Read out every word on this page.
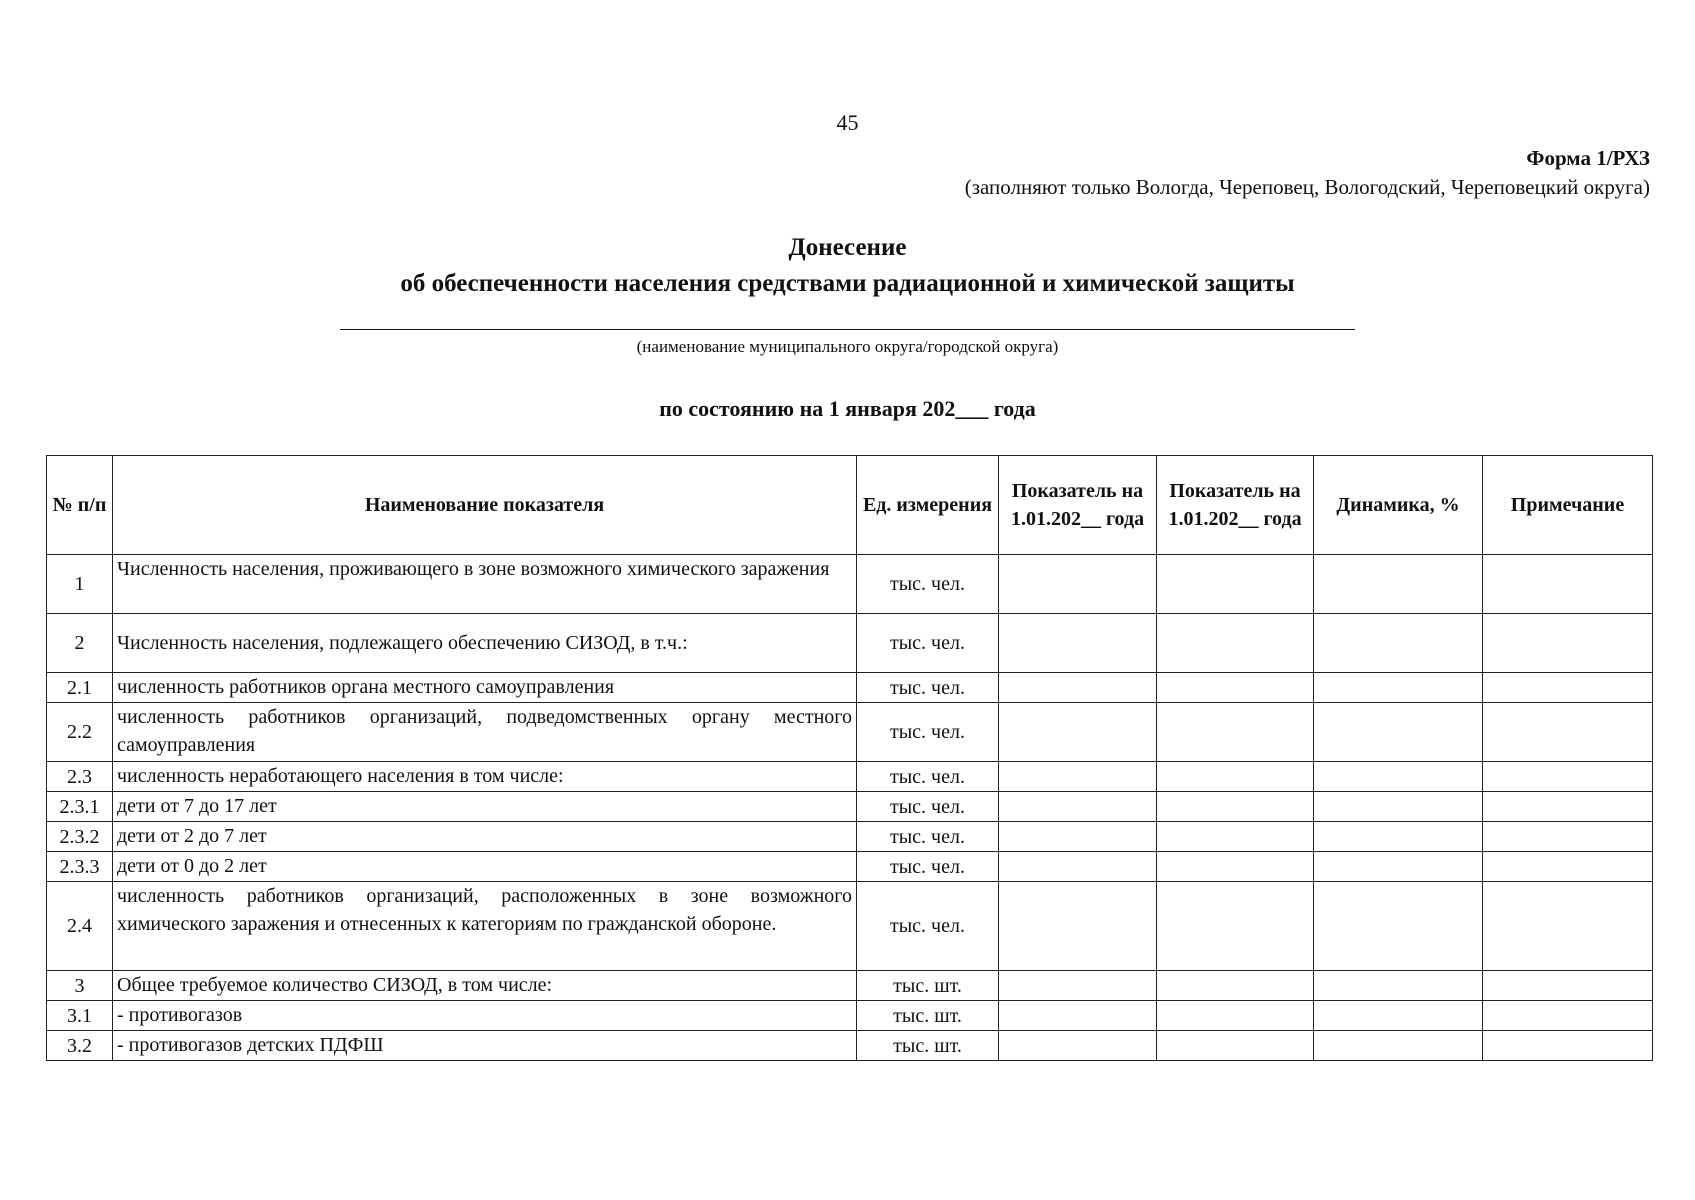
45
Форма 1/РХЗ
(заполняют только Вологда, Череповец, Вологодский, Череповецкий округа)
Донесение
об обеспеченности населения средствами радиационной и химической защиты
(наименование муниципального округа/городской округа)
по состоянию на 1 января 202___ года
№ п/п	Наименование показателя	Ед. измерения	Показатель на 1.01.202__ года	Показатель на 1.01.202__ года	Динамика, %	Примечание
1	Численность населения, проживающего в зоне возможного химического заражения	тыс. чел.				
2	Численность населения, подлежащего обеспечению СИЗОД, в т.ч.:	тыс. чел.				
2.1	численность работников органа местного самоуправления	тыс. чел.				
2.2	численность работников организаций, подведомственных органу местного самоуправления	тыс. чел.				
2.3	численность неработающего населения в том числе:	тыс. чел.				
2.3.1	дети от 7 до 17 лет	тыс. чел.				
2.3.2	дети от 2 до 7 лет	тыс. чел.				
2.3.3	дети от 0 до 2 лет	тыс. чел.				
2.4	численность работников организаций, расположенных в зоне возможного химического заражения и отнесенных к категориям по гражданской обороне.	тыс. чел.				
3	Общее требуемое количество СИЗОД, в том числе:	тыс. шт.				
3.1	- противогазов	тыс. шт.				
3.2	- противогазов детских ПДФШ	тыс. шт.				
